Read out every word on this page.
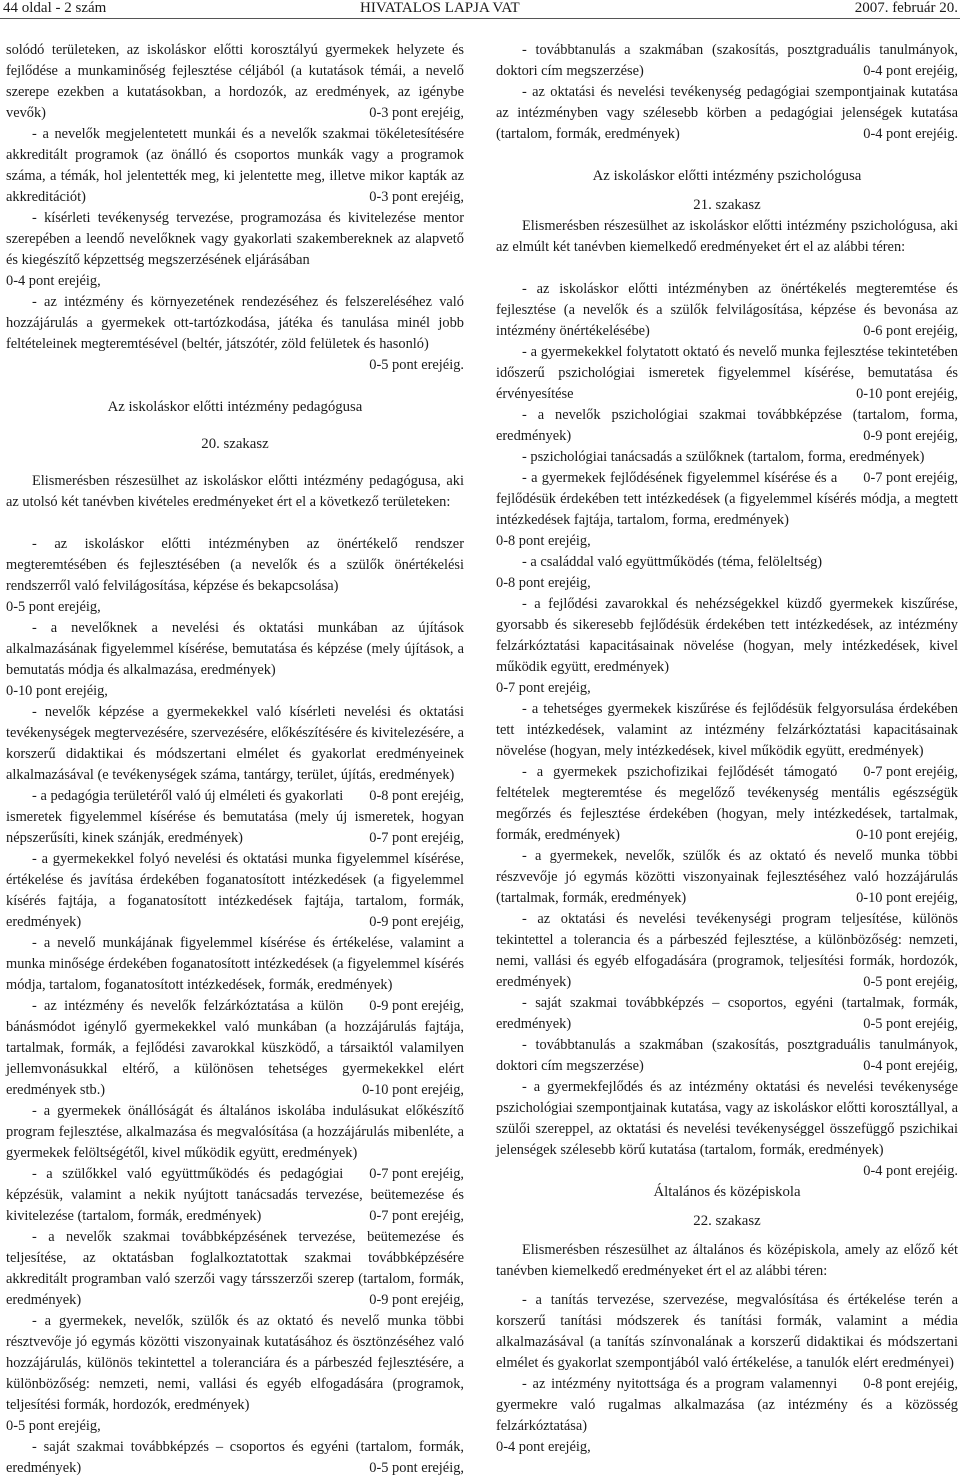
44 oldal - 2 szám	HIVATALOS LAPJA VAT	2007. február 20.

solódó területeken, az iskoláskor előtti korosztályú gyermekek helyzete és fejlődése a munkaminőség fejlesztése céljából (a kutatások témái, a nevelő szerepe ezekben a kutatásokban, a hordozók, az eredmények, az igénybe vevők)	0-3 pont erejéig,

- a nevelők megjelentetett munkái és a nevelők szakmai tökéletesítésére akkreditált programok (az önálló és csoportos munkák vagy a programok száma, a témák, hol jelentették meg, ki jelentette meg, illetve mikor kapták az akkreditációt)	0-3 pont erejéig,

- kísérleti tevékenység tervezése, programozása és kivitelezése mentor szerepében a leendő nevelőknek vagy gyakorlati szakembereknek az alapvető és kiegészítő képzettség megszerzésének eljárásában

0-4 pont erejéig,

- az intézmény és környezetének rendezéséhez és felszereléséhez való hozzájárulás a gyermekek ott-tartózkodása, játéka és tanulása minél jobb feltételeinek megteremtésével (beltér, játszótér, zöld felületek és hasonló)
0-5 pont erejéig.

Az iskoláskor előtti intézmény pedagógusa
20. szakasz

Elismerésben részesülhet az iskoláskor előtti intézmény pedagógusa, aki az utolsó két tanévben kivételes eredményeket ért el a következő területeken:

- az iskoláskor előtti intézményben az önértékelő rendszer megteremtésében és fejlesztésében (a nevelők és a szülők önértékelési rendszerről való felvilágosítása, képzése és bekapcsolása)

0-5 pont erejéig,

- a nevelőknek a nevelési és oktatási munkában az újítások alkalmazásának figyelemmel kísérése, bemutatása és képzése (mely újítások, a bemutatás módja és alkalmazása, eredmények)

0-10 pont erejéig,

- nevelők képzése a gyermekekkel való kísérleti nevelési és oktatási tevékenységek megtervezésére, szervezésére, előkészítésére és kivitelezésére, a korszerű didaktikai és módszertani elmélet és gyakorlat eredményeinek alkalmazásával (e tevékenységek száma, tantárgy, terület, újítás, eredmények)
0-8 pont erejéig,

- a pedagógia területéről való új elméleti és gyakorlati ismeretek figyelemmel kísérése és bemutatása (mely új ismeretek, hogyan népszerűsíti, kinek szánják, eredmények)	0-7 pont erejéig,

- a gyermekekkel folyó nevelési és oktatási munka figyelemmel kísérése, értékelése és javítása érdekében foganatosított intézkedések (a figyelemmel kísérés fajtája, a foganatosított intézkedések fajtája, tartalom, formák, eredmények)	0-9 pont erejéig,

- a nevelő munkájának figyelemmel kísérése és értékelése, valamint a munka minősége érdekében foganatosított intézkedések (a figyelemmel kísérés módja, tartalom, foganatosított intézkedések, formák, eredmények)
0-9 pont erejéig,

- az intézmény és nevelők felzárkóztatása a külön bánásmódot igénylő gyermekekkel való munkában (a hozzájárulás fajtája, tartalmak, formák, a fejlődési zavarokkal küszködő, a társaiktól valamilyen jellemvonásukkal eltérő, a különösen tehetséges gyermekekkel elért eredmények stb.)	0-10 pont erejéig,

- a gyermekek önállóságát és általános iskolába indulásukat előkészítő program fejlesztése, alkalmazása és megvalósítása (a hozzájárulás mibenléte, a gyermekek felöltségétől, kivel működik együtt, eredmények)
0-7 pont erejéig,

- a szülőkkel való együttműködés és pedagógiai képzésük, valamint a nekik nyújtott tanácsadás tervezése, beütemezése és kivitelezése (tartalom, formák, eredmények)	0-7 pont erejéig,

- a nevelők szakmai továbbképzésének tervezése, beütemezése és teljesítése, az oktatásban foglalkoztatottak szakmai továbbképzésére akkreditált programban való szerzői vagy társszerzői szerep (tartalom, formák, eredmények)	0-9 pont erejéig,

- a gyermekek, nevelők, szülők és az oktató és nevelő munka többi résztvevője jó egymás közötti viszonyainak kutatásához és ösztönzéséhez való hozzájárulás, különös tekintettel a toleranciára és a párbeszéd fejlesztésére, a különbözőség: nemzeti, nemi, vallási és egyéb elfogadására (programok, teljesítési formák, hordozók, eredmények)

0-5 pont erejéig,

- saját szakmai továbbképzés – csoportos és egyéni (tartalom, formák, eredmények)	0-5 pont erejéig,

- továbbtanulás a szakmában (szakosítás, posztgraduális tanulmányok, doktori cím megszerzése)	0-4 pont erejéig,

- az oktatási és nevelési tevékenység pedagógiai szempontjainak kutatása az intézményben vagy szélesebb körben a pedagógiai jelenségek kutatása (tartalom, formák, eredmények)	0-4 pont erejéig.

Az iskoláskor előtti intézmény pszichológusa
21. szakasz

Elismerésben részesülhet az iskoláskor előtti intézmény pszichológusa, aki az elmúlt két tanévben kiemelkedő eredményeket ért el az alábbi téren:

- az iskoláskor előtti intézményben az önértékelés megteremtése és fejlesztése (a nevelők és a szülők felvilágosítása, képzése és bevonása az intézmény önértékelésébe)	0-6 pont erejéig,

- a gyermekekkel folytatott oktató és nevelő munka fejlesztése tekintetében időszerű pszichológiai ismeretek figyelemmel kísérése, bemutatása és érvényesítése	0-10 pont erejéig,

- a nevelők pszichológiai szakmai továbbképzése (tartalom, forma, eredmények)	0-9 pont erejéig,

- pszichológiai tanácsadás a szülőknek (tartalom, forma, eredmények)
0-7 pont erejéig,

- a gyermekek fejlődésének figyelemmel kísérése és a fejlődésük érdekében tett intézkedések (a figyelemmel kísérés módja, a megtett intézkedések fajtája, tartalom, forma, eredmények)

0-8 pont erejéig,

- a családdal való együttműködés (téma, felöleltség)

0-8 pont erejéig,

- a fejlődési zavarokkal és nehézségekkel küzdő gyermekek kiszűrése, gyorsabb és sikeresebb fejlődésük érdekében tett intézkedések, az intézmény felzárkóztatási kapacitásainak növelése (hogyan, mely intézkedések, kivel működik együtt, eredmények)

0-7 pont erejéig,

- a tehetséges gyermekek kiszűrése és fejlődésük felgyorsulása érdekében tett intézkedések, valamint az intézmény felzárkóztatási kapacitásainak növelése (hogyan, mely intézkedések, kivel működik együtt, eredmények)
0-7 pont erejéig,

- a gyermekek pszichofizikai fejlődését támogató feltételek megteremtése és megelőző tevékenység mentális egészségük megőrzés és fejlesztése érdekében (hogyan, mely intézkedések, tartalmak, formák, eredmények)	0-10 pont erejéig,

- a gyermekek, nevelők, szülők és az oktató és nevelő munka többi részvevője jó egymás közötti viszonyainak fejlesztéséhez való hozzájárulás (tartalmak, formák, eredmények)	0-10 pont erejéig,

- az oktatási és nevelési tevékenységi program teljesítése, különös tekintettel a tolerancia és a párbeszéd fejlesztése, a különbözőség: nemzeti, nemi, vallási és egyéb elfogadására (programok, teljesítési formák, hordozók, eredmények)	0-5 pont erejéig,

- saját szakmai továbbképzés – csoportos, egyéni (tartalmak, formák, eredmények)	0-5 pont erejéig,

- továbbtanulás a szakmában (szakosítás, posztgraduális tanulmányok, doktori cím megszerzése)	0-4 pont erejéig,

- a gyermekfejlődés és az intézmény oktatási és nevelési tevékenysége pszichológiai szempontjainak kutatása, vagy az iskoláskor előtti korosztállyal, a szülői szereppel, az oktatási és nevelési tevékenységgel összefüggő pszichikai jelenségek szélesebb körű kutatása (tartalom, formák, eredmények)
0-4 pont erejéig.

Általános és középiskola
22. szakasz

Elismerésben részesülhet az általános és középiskola, amely az előző két tanévben kiemelkedő eredményeket ért el az alábbi téren:

- a tanítás tervezése, szervezése, megvalósítása és értékelése terén a korszerű tanítási módszerek és tanítási formák, valamint a média alkalmazásával (a tanítás színvonalának a korszerű didaktikai és módszertani elmélet és gyakorlat szempontjából való értékelése, a tanulók elért eredményei)
0-8 pont erejéig,

- az intézmény nyitottsága és a program valamennyi gyermekre való rugalmas alkalmazása (az intézmény és a közösség felzárkóztatása)

0-4 pont erejéig,
